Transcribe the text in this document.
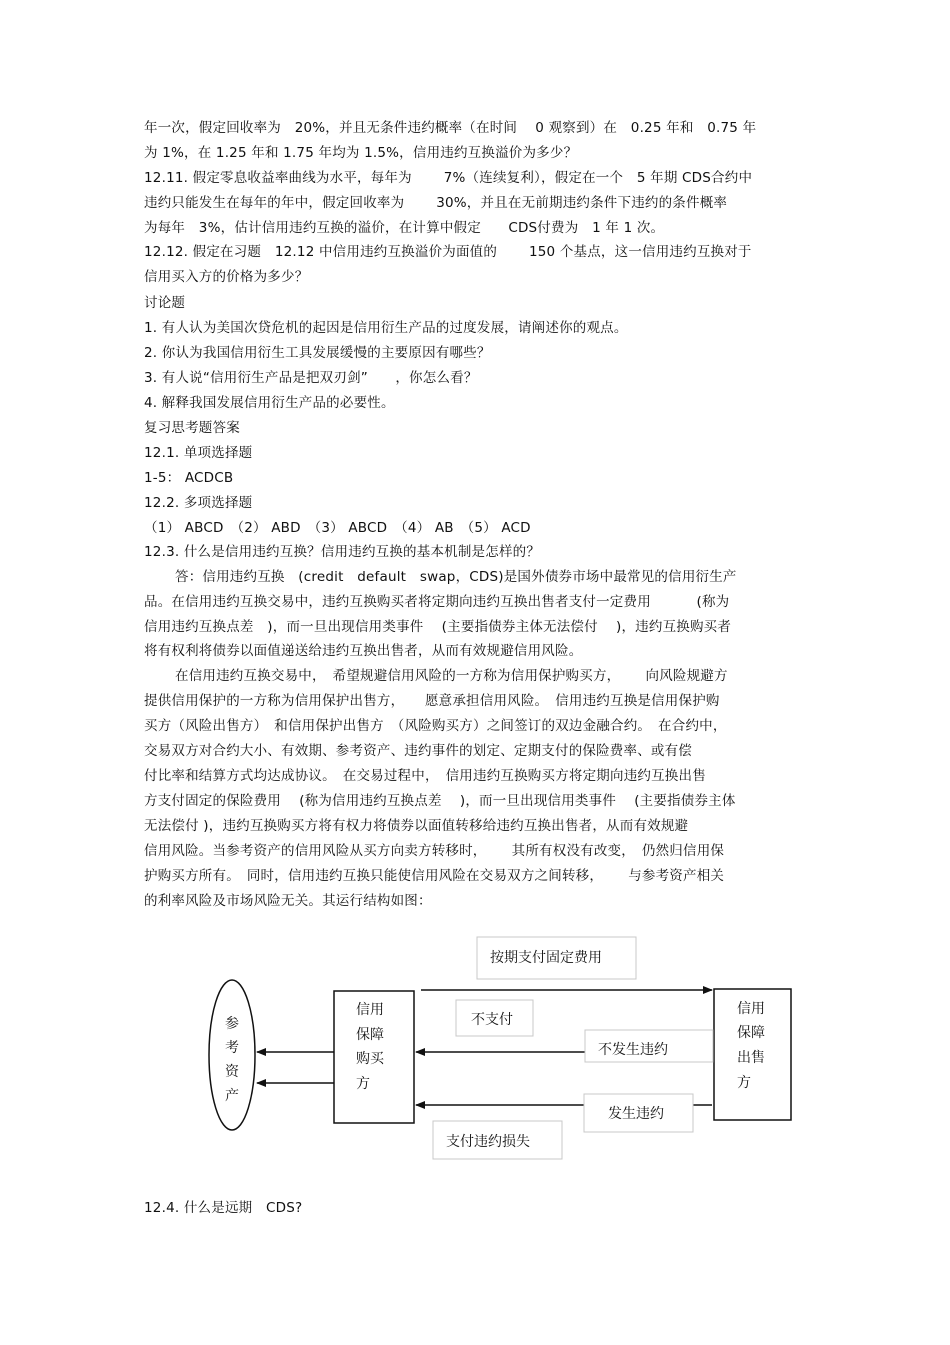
年一次，假定回收率为　20%，并且无条件违约概率（在时间　 0 观察到）在　0.25 年和　0.75 年
为 1%，在 1.25 年和 1.75 年均为 1.5%，信用违约互换溢价为多少？
12.11. 假定零息收益率曲线为水平，每年为　　 7%（连续复利），假定在一个　5 年期 CDS合约中
违约只能发生在每年的年中，假定回收率为　　 30%，并且在无前期违约条件下违约的条件概率
为每年　3%，估计信用违约互换的溢价，在计算中假定　　CDS付费为　1 年 1 次。
12.12. 假定在习题　12.12 中信用违约互换溢价为面值的　　 150 个基点，这一信用违约互换对于
信用买入方的价格为多少？
讨论题
1. 有人认为美国次贷危机的起因是信用衍生产品的过度发展，请阐述你的观点。
2. 你认为我国信用衍生工具发展缓慢的主要原因有哪些？
3. 有人说“信用衍生产品是把双刃剑”　　，你怎么看？
4. 解释我国发展信用衍生产品的必要性。
复习思考题答案
12.1. 单项选择题
1-5： ACDCB
12.2. 多项选择题
（1） ABCD　（2） ABD　（3） ABCD　（4） AB　（5） ACD
12.3. 什么是信用违约互换？信用违约互换的基本机制是怎样的？
答：信用违约互换　(credit　default　swap，CDS)是国外债券市场中最常见的信用衍生产
品。在信用违约互换交易中，违约互换购买者将定期向违约互换出售者支付一定费用　　　 (称为
信用违约互换点差　)，而一旦出现信用类事件　 (主要指债券主体无法偿付　 )，违约互换购买者
将有权利将债券以面值递送给违约互换出售者，从而有效规避信用风险。
在信用违约互换交易中，　希望规避信用风险的一方称为信用保护购买方，　　 向风险规避方
提供信用保护的一方称为信用保护出售方，　　愿意承担信用风险。　信用违约互换是信用保护购
买方（风险出售方）　和信用保护出售方　（风险购买方）之间签订的双边金融合约。　在合约中，
交易双方对合约大小、有效期、参考资产、违约事件的划定、定期支付的保险费率、或有偿
付比率和结算方式均达成协议。　在交易过程中，　信用违约互换购买方将定期向违约互换出售
方支付固定的保险费用　 (称为信用违约互换点差　 )，而一旦出现信用类事件　 (主要指债券主体
无法偿付 )，违约互换购买方将有权力将债券以面值转移给违约互换出售者，从而有效规避
信用风险。当参考资产的信用风险从买方向卖方转移时，　　 其所有权没有改变，　仍然归信用保
护购买方所有。　同时，信用违约互换只能使信用风险在交易双方之间转移，　　 与参考资产相关
的利率风险及市场风险无关。其运行结构如图：
参
考
资
产
信用
保障
购买
方
信用
保障
出售
方
按期支付固定费用
不支付
不发生违约
发生违约
支付违约损失
12.4. 什么是远期　CDS?
